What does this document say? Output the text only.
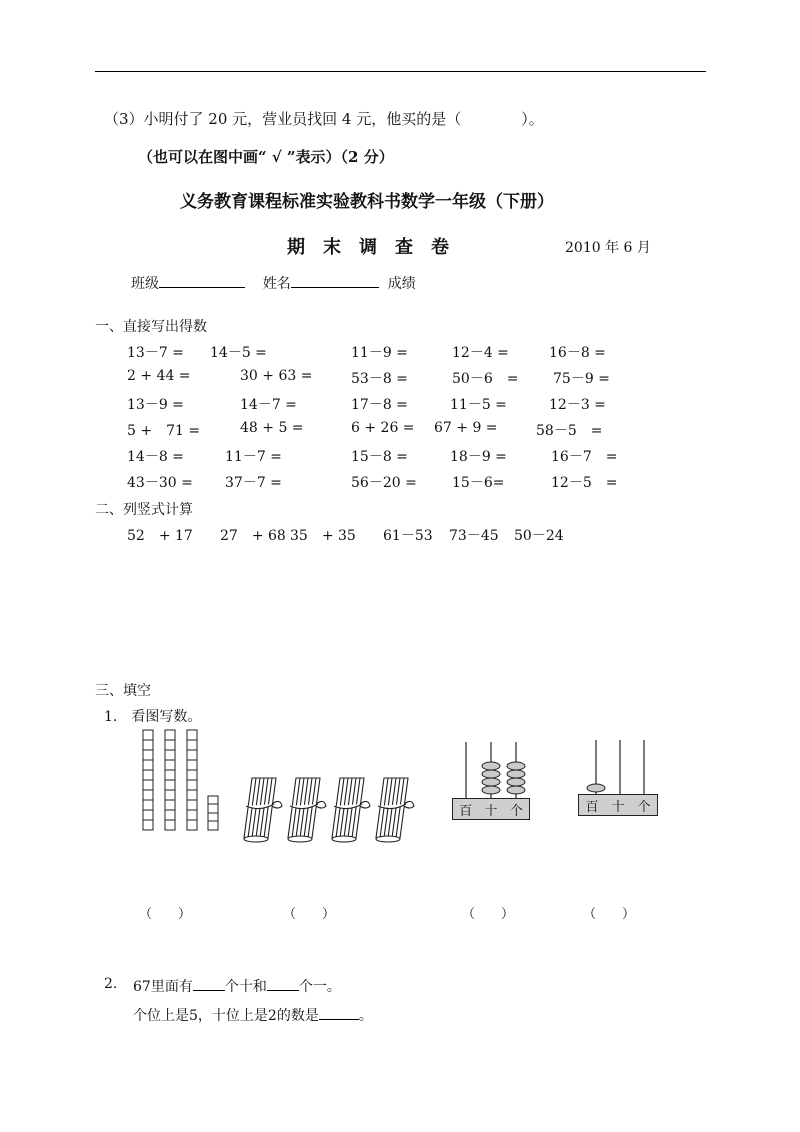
（3）小明付了 20 元，营业员找回 4 元，他买的是（　　　　）。
（也可以在图中画“ √ ”表示）（2 分）
义务教育课程标准实验教科书数学一年级（下册）
期　末　调　查　卷	2010 年 6 月
班级	姓名	成绩
一、直接写出得数
13－7 = 14－5 =	11－9 =	12－4 =	16－8 =
2 + 44 =	30 + 63 =	53－8 =	50－6　= 75－9 =
13－9 =	14－7 =	17－8 =	11－5 =	12－3 =
5 +　71 =	48 + 5 =	6 + 26 = 67 + 9 =	58－5　=
14－8 =	11－7 =	15－8 =	18－9 =	16－7　=
43－30 = 37－7 =	56－20 =	15－6=	12－5　=
二、列竖式计算
52　+ 17 27　+ 68 35　+ 35 61－53 73－45 50－24
三、填空
1.　看图写数。
百 十 个	百 十 个
（　　）	（　　）	（　　）	（　　）
2. 67里面有 个十和 个一。
个位上是5，十位上是2的数是	。
